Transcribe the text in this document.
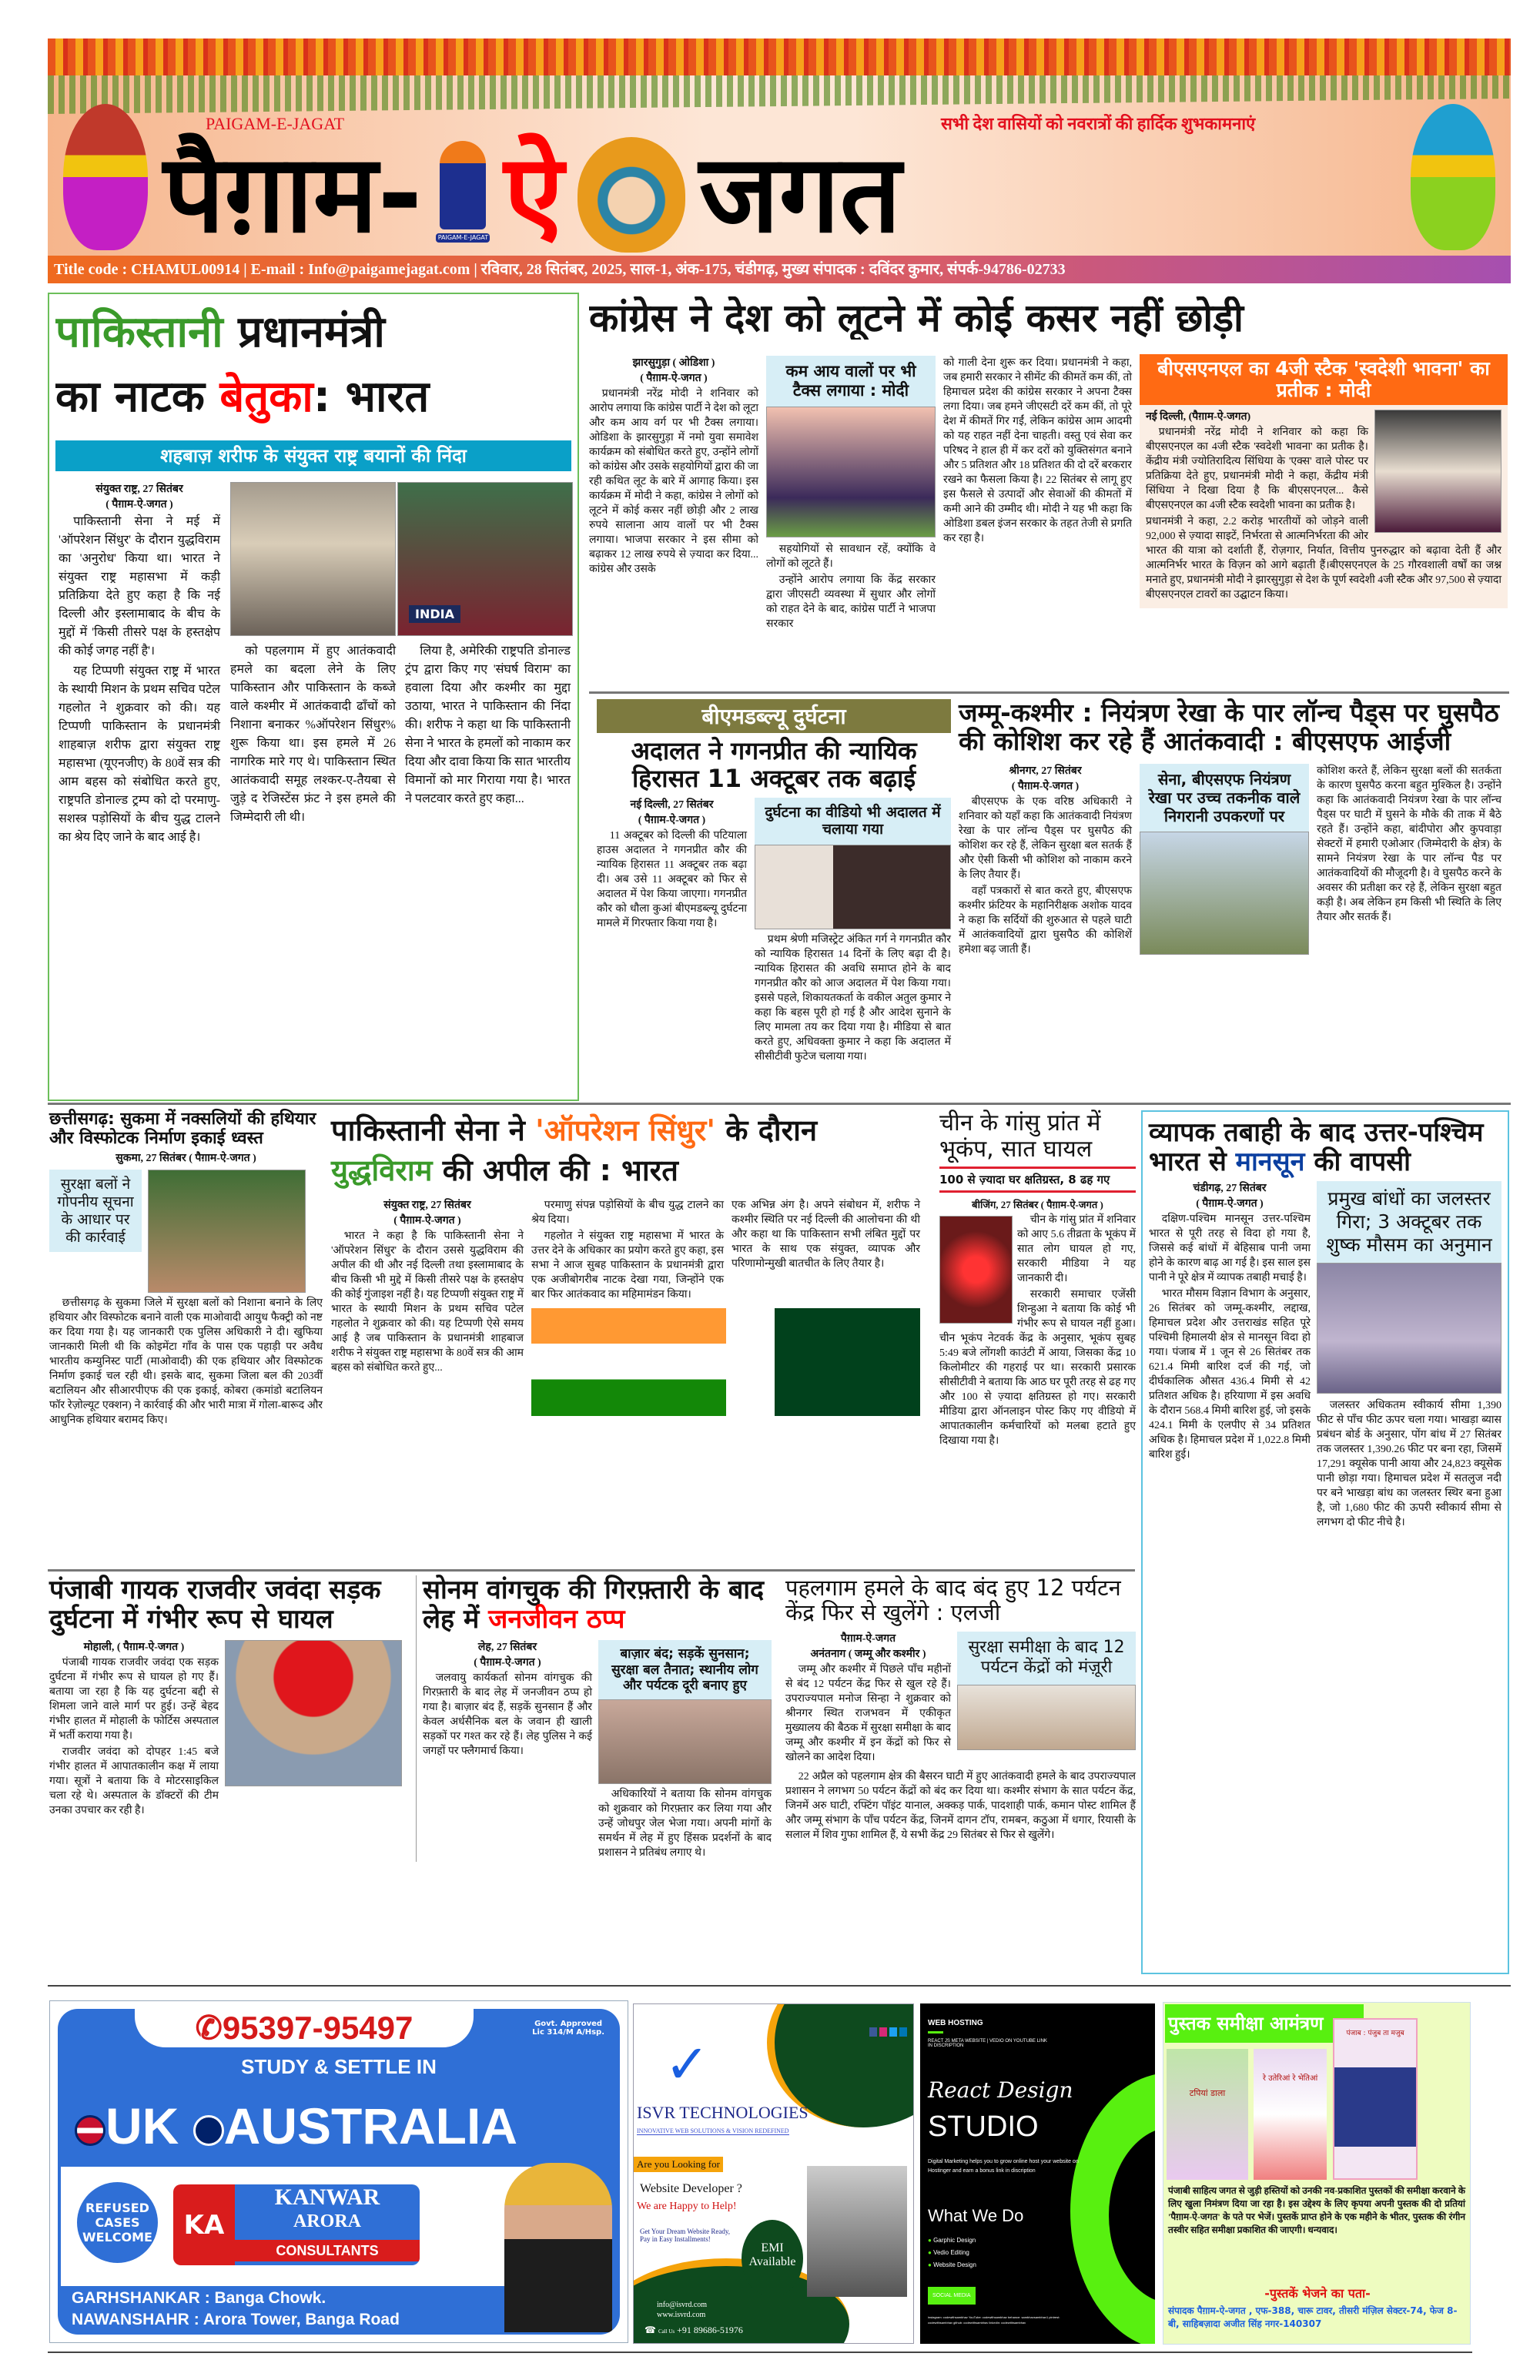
PAIGAM-E-JAGAT	सभी देश वासियों को नवरात्रों की हार्दिक शुभकामनाएं
पैग़ाम-	PAIGAM-E-JAGAT ऐ जगत
Title code : CHAMUL00914 | E-mail : Info@paigamejagat.com | रविवार, 28 सितंबर, 2025, साल-1, अंक-175, चंडीगढ़, मुख्य संपादक : दविंदर कुमार, संपर्क-94786-02733
पाकिस्तानी प्रधानमंत्री
का नाटक बेतुका: भारत
शहबाज़ शरीफ के संयुक्त राष्ट्र बयानों की निंदा
संयुक्त राष्ट्र, 27 सितंबर
( पैग़ाम-ऐ-जगत )

पाकिस्तानी सेना ने मई में 'ऑपरेशन सिंधुर' के दौरान युद्धविराम का 'अनुरोध' किया था। भारत ने संयुक्त राष्ट्र महासभा में कड़ी प्रतिक्रिया देते हुए कहा है कि नई दिल्ली और इस्लामाबाद के बीच के मुद्दों में 'किसी तीसरे पक्ष के हस्तक्षेप की कोई जगह नहीं है'।

यह टिप्पणी संयुक्त राष्ट्र में भारत के स्थायी मिशन के प्रथम सचिव पटेल गहलोत ने शुक्रवार को की। यह टिप्पणी पाकिस्तान के प्रधानमंत्री शाहबाज़ शरीफ द्वारा संयुक्त राष्ट्र महासभा (यूएनजीए) के 80वें सत्र की आम बहस को संबोधित करते हुए, राष्ट्रपति डोनाल्ड ट्रम्प को दो परमाणु-सशस्त्र पड़ोसियों के बीच युद्ध टालने का श्रेय दिए जाने के बाद आई है।

INDIA

को पहलगाम में हुए आतंकवादी हमले का बदला लेने के लिए पाकिस्तान और पाकिस्तान के कब्जे वाले कश्मीर में आतंकवादी ढाँचों को निशाना बनाकर %ऑपरेशन सिंधुर% शुरू किया था। इस हमले में 26 नागरिक मारे गए थे। पाकिस्तान स्थित आतंकवादी समूह लश्कर-ए-तैयबा से जुड़े द रेजिस्टेंस फ्रंट ने इस हमले की जिम्मेदारी ली थी।

लिया है, अमेरिकी राष्ट्रपति डोनाल्ड ट्रंप द्वारा किए गए 'संघर्ष विराम' का हवाला दिया और कश्मीर का मुद्दा उठाया, भारत ने पाकिस्तान की निंदा की। शरीफ ने कहा था कि पाकिस्तानी सेना ने भारत के हमलों को नाकाम कर दिया और दावा किया कि सात भारतीय विमानों को मार गिराया गया है। भारत ने पलटवार करते हुए कहा...

कांग्रेस ने देश को लूटने में कोई कसर नहीं छोड़ी
झारसुगुड़ा ( ओडिशा )
( पैग़ाम-ऐ-जगत )

प्रधानमंत्री नरेंद्र मोदी ने शनिवार को आरोप लगाया कि कांग्रेस पार्टी ने देश को लूटा और कम आय वर्ग पर भी टैक्स लगाया। ओडिशा के झारसुगुड़ा में नमो युवा समावेश कार्यक्रम को संबोधित करते हुए, उन्होंने लोगों को कांग्रेस और उसके सहयोगियों द्वारा की जा रही कथित लूट के बारे में आगाह किया। इस कार्यक्रम में मोदी ने कहा, कांग्रेस ने लोगों को लूटने में कोई कसर नहीं छोड़ी और 2 लाख रुपये सालाना आय वालों पर भी टैक्स लगाया। भाजपा सरकार ने इस सीमा को बढ़ाकर 12 लाख रुपये से ज़्यादा कर दिया... कांग्रेस और उसके

कम आय वालों पर भी टैक्स लगाया : मोदी

सहयोगियों से सावधान रहें, क्योंकि वे लोगों को लूटते हैं।

उन्होंने आरोप लगाया कि केंद्र सरकार द्वारा जीएसटी व्यवस्था में सुधार और लोगों को राहत देने के बाद, कांग्रेस पार्टी ने भाजपा सरकार

को गाली देना शुरू कर दिया। प्रधानमंत्री ने कहा, जब हमारी सरकार ने सीमेंट की कीमतें कम कीं, तो हिमाचल प्रदेश की कांग्रेस सरकार ने अपना टैक्स लगा दिया। जब हमने जीएसटी दरें कम कीं, तो पूरे देश में कीमतें गिर गईं, लेकिन कांग्रेस आम आदमी को यह राहत नहीं देना चाहती। वस्तु एवं सेवा कर परिषद ने हाल ही में कर दरों को युक्तिसंगत बनाने और 5 प्रतिशत और 18 प्रतिशत की दो दरें बरकरार रखने का फैसला किया है। 22 सितंबर से लागू हुए इस फैसले से उत्पादों और सेवाओं की कीमतों में कमी आने की उम्मीद थी। मोदी ने यह भी कहा कि ओडिशा डबल इंजन सरकार के तहत तेजी से प्रगति कर रहा है।

बीएसएनएल का 4जी स्टैक 'स्वदेशी भावना' का प्रतीक : मोदी
नई दिल्ली, (पैग़ाम-ऐ-जगत)

प्रधानमंत्री नरेंद्र मोदी ने शनिवार को कहा कि बीएसएनएल का 4जी स्टैक 'स्वदेशी भावना' का प्रतीक है। केंद्रीय मंत्री ज्योतिरादित्य सिंधिया के 'एक्स' वाले पोस्ट पर प्रतिक्रिया देते हुए, प्रधानमंत्री मोदी ने कहा, केंद्रीय मंत्री सिंधिया ने दिखा दिया है कि बीएसएनएल... कैसे बीएसएनएल का 4जी स्टैक स्वदेशी भावना का प्रतीक है।

प्रधानमंत्री ने कहा, 2.2 करोड़ भारतीयों को जोड़ने वाली 92,000 से ज़्यादा साइटें, निर्भरता से आत्मनिर्भरता की ओर भारत की यात्रा को दर्शाती हैं, रोज़गार, निर्यात, वित्तीय पुनरुद्धार को बढ़ावा देती हैं और आत्मनिर्भर भारत के विज़न को आगे बढ़ाती हैं।बीएसएनएल के 25 गौरवशाली वर्षों का जश्न मनाते हुए, प्रधानमंत्री मोदी ने झारसुगुड़ा से देश के पूर्ण स्वदेशी 4जी स्टैक और 97,500 से ज़्यादा बीएसएनएल टावरों का उद्घाटन किया।

बीएमडब्ल्यू दुर्घटना
अदालत ने गगनप्रीत की न्यायिक हिरासत 11 अक्टूबर तक बढ़ाई
नई दिल्ली, 27 सितंबर
( पैग़ाम-ऐ-जगत )

11 अक्टूबर को दिल्ली की पटियाला हाउस अदालत ने गगनप्रीत कौर की न्यायिक हिरासत 11 अक्टूबर तक बढ़ा दी। अब उसे 11 अक्टूबर को फिर से अदालत में पेश किया जाएगा। गगनप्रीत कौर को धौला कुआं बीएमडब्ल्यू दुर्घटना मामले में गिरफ्तार किया गया है।

दुर्घटना का वीडियो भी अदालत में चलाया गया

प्रथम श्रेणी मजिस्ट्रेट अंकित गर्ग ने गगनप्रीत कौर को न्यायिक हिरासत 14 दिनों के लिए बढ़ा दी है। न्यायिक हिरासत की अवधि समाप्त होने के बाद गगनप्रीत कौर को आज अदालत में पेश किया गया। इससे पहले, शिकायतकर्ता के वकील अतुल कुमार ने कहा कि बहस पूरी हो गई है और आदेश सुनाने के लिए मामला तय कर दिया गया है। मीडिया से बात करते हुए, अधिवक्ता कुमार ने कहा कि अदालत में सीसीटीवी फुटेज चलाया गया।

जम्मू-कश्मीर : नियंत्रण रेखा के पार लॉन्च पैड्स पर घुसपैठ की कोशिश कर रहे हैं आतंकवादी : बीएसएफ आईजी
श्रीनगर, 27 सितंबर
( पैग़ाम-ऐ-जगत )

बीएसएफ के एक वरिष्ठ अधिकारी ने शनिवार को यहाँ कहा कि आतंकवादी नियंत्रण रेखा के पार लॉन्च पैड्स पर घुसपैठ की कोशिश कर रहे हैं, लेकिन सुरक्षा बल सतर्क हैं और ऐसी किसी भी कोशिश को नाकाम करने के लिए तैयार हैं।

वहाँ पत्रकारों से बात करते हुए, बीएसएफ कश्मीर फ्रंटियर के महानिरीक्षक अशोक यादव ने कहा कि सर्दियों की शुरुआत से पहले घाटी में आतंकवादियों द्वारा घुसपैठ की कोशिशें हमेशा बढ़ जाती हैं।

सेना, बीएसएफ नियंत्रण रेखा पर उच्च तकनीक वाले निगरानी उपकरणों पर

कोशिश करते हैं, लेकिन सुरक्षा बलों की सतर्कता के कारण घुसपैठ करना बहुत मुश्किल है। उन्होंने कहा कि आतंकवादी नियंत्रण रेखा के पार लॉन्च पैड्स पर घाटी में घुसने के मौके की ताक में बैठे रहते हैं। उन्होंने कहा, बांदीपोरा और कुपवाड़ा सेक्टरों में हमारी एओआर (जिम्मेदारी के क्षेत्र) के सामने नियंत्रण रेखा के पार लॉन्च पैड पर आतंकवादियों की मौजूदगी है। वे घुसपैठ करने के अवसर की प्रतीक्षा कर रहे हैं, लेकिन सुरक्षा बहुत कड़ी है। अब लेकिन हम किसी भी स्थिति के लिए तैयार और सतर्क हैं।

छत्तीसगढ़: सुकमा में नक्सलियों की हथियार और विस्फोटक निर्माण इकाई ध्वस्त
सुकमा, 27 सितंबर ( पैग़ाम-ऐ-जगत )
सुरक्षा बलों ने गोपनीय सूचना के आधार पर की कार्रवाई

छत्तीसगढ़ के सुकमा जिले में सुरक्षा बलों को निशाना बनाने के लिए हथियार और विस्फोटक बनाने वाली एक माओवादी आयुध फैक्ट्री को नष्ट कर दिया गया है। यह जानकारी एक पुलिस अधिकारी ने दी। खुफिया जानकारी मिली थी कि कोइमेंटा गाँव के पास एक पहाड़ी पर अवैध भारतीय कम्युनिस्ट पार्टी (माओवादी) की एक हथियार और विस्फोटक निर्माण इकाई चल रही थी। इसके बाद, सुकमा जिला बल की 203वीं बटालियन और सीआरपीएफ की एक इकाई, कोबरा (कमांडो बटालियन फॉर रेज़ोल्यूट एक्शन) ने कार्रवाई की और भारी मात्रा में गोला-बारूद और आधुनिक हथियार बरामद किए।

पाकिस्तानी सेना ने 'ऑपरेशन सिंधुर' के दौरान युद्धविराम की अपील की : भारत
संयुक्त राष्ट्र, 27 सितंबर
( पैग़ाम-ऐ-जगत )

भारत ने कहा है कि पाकिस्तानी सेना ने 'ऑपरेशन सिंधुर' के दौरान उससे युद्धविराम की अपील की थी और नई दिल्ली तथा इस्लामाबाद के बीच किसी भी मुद्दे में किसी तीसरे पक्ष के हस्तक्षेप की कोई गुंजाइश नहीं है। यह टिप्पणी संयुक्त राष्ट्र में भारत के स्थायी मिशन के प्रथम सचिव पटेल गहलोत ने शुक्रवार को की। यह टिप्पणी ऐसे समय आई है जब पाकिस्तान के प्रधानमंत्री शाहबाज शरीफ ने संयुक्त राष्ट्र महासभा के 80वें सत्र की आम बहस को संबोधित करते हुए...

परमाणु संपन्न पड़ोसियों के बीच युद्ध टालने का श्रेय दिया।

गहलोत ने संयुक्त राष्ट्र महासभा में भारत के उत्तर देने के अधिकार का प्रयोग करते हुए कहा, इस सभा ने आज सुबह पाकिस्तान के प्रधानमंत्री द्वारा एक अजीबोगरीब नाटक देखा गया, जिन्होंने एक बार फिर आतंकवाद का महिमामंडन किया।

एक अभिन्न अंग है। अपने संबोधन में, शरीफ ने कश्मीर स्थिति पर नई दिल्ली की आलोचना की थी और कहा था कि पाकिस्तान सभी लंबित मुद्दों पर भारत के साथ एक संयुक्त, व्यापक और परिणामोन्मुखी बातचीत के लिए तैयार है।

चीन के गांसु प्रांत में भूकंप, सात घायल
100 से ज़्यादा घर क्षतिग्रस्त, 8 ढह गए
बीजिंग, 27 सितंबर ( पैग़ाम-ऐ-जगत )

चीन के गांसु प्रांत में शनिवार को आए 5.6 तीव्रता के भूकंप में सात लोग घायल हो गए, सरकारी मीडिया ने यह जानकारी दी।

सरकारी समाचार एजेंसी शिन्हुआ ने बताया कि कोई भी गंभीर रूप से घायल नहीं हुआ। चीन भूकंप नेटवर्क केंद्र के अनुसार, भूकंप सुबह 5:49 बजे लोंगशी काउंटी में आया, जिसका केंद्र 10 किलोमीटर की गहराई पर था। सरकारी प्रसारक सीसीटीवी ने बताया कि आठ घर पूरी तरह से ढह गए और 100 से ज़्यादा क्षतिग्रस्त हो गए। सरकारी मीडिया द्वारा ऑनलाइन पोस्ट किए गए वीडियो में आपातकालीन कर्मचारियों को मलबा हटाते हुए दिखाया गया है।

व्यापक तबाही के बाद उत्तर-पश्चिम भारत से मानसून की वापसी
चंडीगढ़, 27 सितंबर
( पैग़ाम-ऐ-जगत )

दक्षिण-पश्चिम मानसून उत्तर-पश्चिम भारत से पूरी तरह से विदा हो गया है, जिससे कई बांधों में बेहिसाब पानी जमा होने के कारण बाढ़ आ गई है। इस साल इस पानी ने पूरे क्षेत्र में व्यापक तबाही मचाई है।

भारत मौसम विज्ञान विभाग के अनुसार, 26 सितंबर को जम्मू-कश्मीर, लद्दाख, हिमाचल प्रदेश और उत्तराखंड सहित पूरे पश्चिमी हिमालयी क्षेत्र से मानसून विदा हो गया। पंजाब में 1 जून से 26 सितंबर तक 621.4 मिमी बारिश दर्ज की गई, जो दीर्घकालिक औसत 436.4 मिमी से 42 प्रतिशत अधिक है। हरियाणा में इस अवधि के दौरान 568.4 मिमी बारिश हुई, जो इसके 424.1 मिमी के एलपीए से 34 प्रतिशत अधिक है। हिमाचल प्रदेश में 1,022.8 मिमी बारिश हुई।

प्रमुख बांधों का जलस्तर गिरा; 3 अक्टूबर तक शुष्क मौसम का अनुमान

जलस्तर अधिकतम स्वीकार्य सीमा 1,390 फीट से पाँच फीट ऊपर चला गया। भाखड़ा ब्यास प्रबंधन बोर्ड के अनुसार, पोंग बांध में 27 सितंबर तक जलस्तर 1,390.26 फीट पर बना रहा, जिसमें 17,291 क्यूसेक पानी आया और 24,823 क्यूसेक पानी छोड़ा गया। हिमाचल प्रदेश में सतलुज नदी पर बने भाखड़ा बांध का जलस्तर स्थिर बना हुआ है, जो 1,680 फीट की ऊपरी स्वीकार्य सीमा से लगभग दो फीट नीचे है।

पंजाबी गायक राजवीर जवंदा सड़क दुर्घटना में गंभीर रूप से घायल
मोहाली, ( पैग़ाम-ऐ-जगत )

पंजाबी गायक राजवीर जवंदा एक सड़क दुर्घटना में गंभीर रूप से घायल हो गए हैं। बताया जा रहा है कि यह दुर्घटना बद्दी से शिमला जाने वाले मार्ग पर हुई। उन्हें बेहद गंभीर हालत में मोहाली के फोर्टिस अस्पताल में भर्ती कराया गया है।

राजवीर जवंदा को दोपहर 1:45 बजे गंभीर हालत में आपातकालीन कक्ष में लाया गया। सूत्रों ने बताया कि वे मोटरसाइकिल चला रहे थे। अस्पताल के डॉक्टरों की टीम उनका उपचार कर रही है।

सोनम वांगचुक की गिरफ़्तारी के बाद लेह में जनजीवन ठप्प
लेह, 27 सितंबर
( पैग़ाम-ऐ-जगत )

जलवायु कार्यकर्ता सोनम वांगचुक की गिरफ़्तारी के बाद लेह में जनजीवन ठप्प हो गया है। बाज़ार बंद हैं, सड़कें सुनसान हैं और केवल अर्धसैनिक बल के जवान ही खाली सड़कों पर गश्त कर रहे हैं। लेह पुलिस ने कई जगहों पर फ्लैगमार्च किया।

बाज़ार बंद; सड़कें सुनसान; सुरक्षा बल तैनात; स्थानीय लोग और पर्यटक दूरी बनाए हुए

अधिकारियों ने बताया कि सोनम वांगचुक को शुक्रवार को गिरफ़्तार कर लिया गया और उन्हें जोधपुर जेल भेजा गया। अपनी मांगों के समर्थन में लेह में हुए हिंसक प्रदर्शनों के बाद प्रशासन ने प्रतिबंध लगाए थे।

पहलगाम हमले के बाद बंद हुए 12 पर्यटन केंद्र फिर से खुलेंगे : एलजी
पैग़ाम-ऐ-जगत
अनंतनाग ( जम्मू और कश्मीर )

जम्मू और कश्मीर में पिछले पाँच महीनों से बंद 12 पर्यटन केंद्र फिर से खुल रहे हैं। उपराज्यपाल मनोज सिन्हा ने शुक्रवार को श्रीनगर स्थित राजभवन में एकीकृत मुख्यालय की बैठक में सुरक्षा समीक्षा के बाद जम्मू और कश्मीर में इन केंद्रों को फिर से खोलने का आदेश दिया।

सुरक्षा समीक्षा के बाद 12 पर्यटन केंद्रों को मंज़ूरी

22 अप्रैल को पहलगाम क्षेत्र की बैसरन घाटी में हुए आतंकवादी हमले के बाद उपराज्यपाल प्रशासन ने लगभग 50 पर्यटन केंद्रों को बंद कर दिया था। कश्मीर संभाग के सात पर्यटन केंद्र, जिनमें अरु घाटी, रफ्टिंग पॉइंट यानाल, अक्कड़ पार्क, पादशाही पार्क, कमान पोस्ट शामिल हैं और जम्मू संभाग के पाँच पर्यटन केंद्र, जिनमें दागन टॉप, रामबन, कठुआ में धगार, रियासी के सलाल में शिव गुफा शामिल हैं, ये सभी केंद्र 29 सितंबर से फिर से खुलेंगे।

✆95397-95497	Govt. Approved
Lic 314/M A/Hsp.
STUDY & SETTLE IN
UK AUSTRALIA
REFUSED CASES WELCOME	KA
KANWAR
ARORA
CONSULTANTS
GARHSHANKAR : Banga Chowk.
NAWANSHAHR : Arora Tower, Banga Road
✓
ISVR TECHNOLOGIES
INNOVATIVE WEB SOLUTIONS & VISION REDEFINED
Are you Looking for
Website Developer ?
We are Happy to Help!
Get Your Dream Website Ready, Pay in Easy Installments!
EMI Available
info@isvrd.com
www.isvrd.com
☎ Call Us +91 89686-51976
WEB HOSTING
REACT JS META WEBSITE | VEDIO ON YOUTUBE LINK IN DISCRIPTION
React Design
STUDIO
Digital Marketing helps you to grow online host your website on Hostinger and earn a bonus link in discription
What We Do
● Garphic Design
● Vedio Editing
● Website Design
SOCIAL MEDIA
instagram: codewithsambhav YouTube: codewithsambhav behance: sambhavsambhav1 pintrest: codewithsambhav github: codewithsambhav linkedin: codewithsambhav
पुस्तक समीक्षा आमंत्रण
टपियां डाला
रे उतेरिआं रे भेतिआं
पंजाब : पंजुब ता मजुब
पंजाबी साहित्य जगत से जुड़ी हस्तियों को उनकी नव-प्रकाशित पुस्तकों की समीक्षा करवाने के लिए खुला निमंत्रण दिया जा रहा है। इस उद्देश्य के लिए कृपया अपनी पुस्तक की दो प्रतियां 'पैग़ाम-ऐ-जगत' के पते पर भेजें। पुस्तकें प्राप्त होने के एक महीने के भीतर, पुस्तक की रंगीन तस्वीर सहित समीक्षा प्रकाशित की जाएगी। धन्यवाद।
-पुस्तकें भेजने का पता-
संपादक पैग़ाम-ऐ-जगत , एफ-388, चारू टावर, तीसरी मंज़िल सेक्टर-74, फेज 8-बी, साहिबज़ादा अजीत सिंह नगर-140307
